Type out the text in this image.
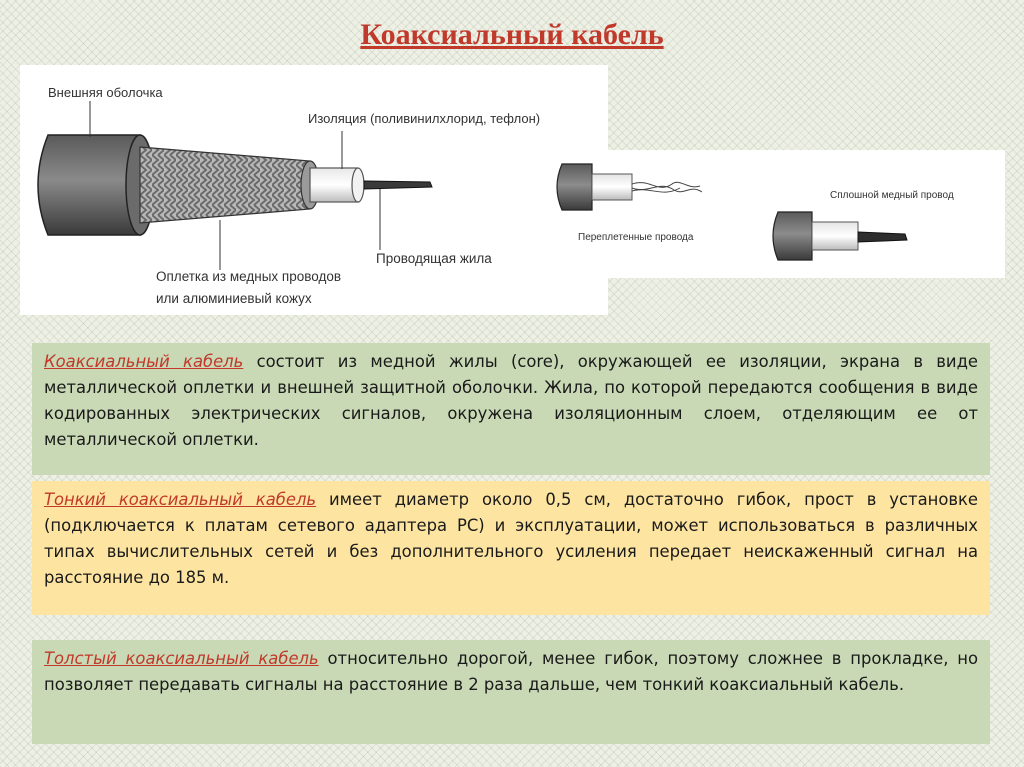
Коаксиальный кабель
Внешняя оболочка
Изоляция (поливинилхлорид, тефлон)
Оплетка из медных проводов
или алюминиевый кожух
Проводящая жила
Переплетенные провода
Сплошной медный провод
Коаксиальный кабель состоит из медной жилы (core), окружающей ее изоляции, экрана в виде металлической оплетки и внешней защитной оболочки. Жила, по которой передаются сообщения в виде кодированных электрических сигналов, окружена изоляционным слоем, отделяющим ее от металлической оплетки.
Тонкий коаксиальный кабель имеет диаметр около 0,5 см, достаточно гибок, прост в установке (подключается к платам сетевого адаптера PC) и эксплуатации, может использоваться в различных типах вычислительных сетей и без дополнительного усиления передает неискаженный сигнал на расстояние до 185 м.
Толстый коаксиальный кабель относительно дорогой, менее гибок, поэтому сложнее в прокладке, но позволяет передавать сигналы на расстояние в 2 раза дальше, чем тонкий коаксиальный кабель.
